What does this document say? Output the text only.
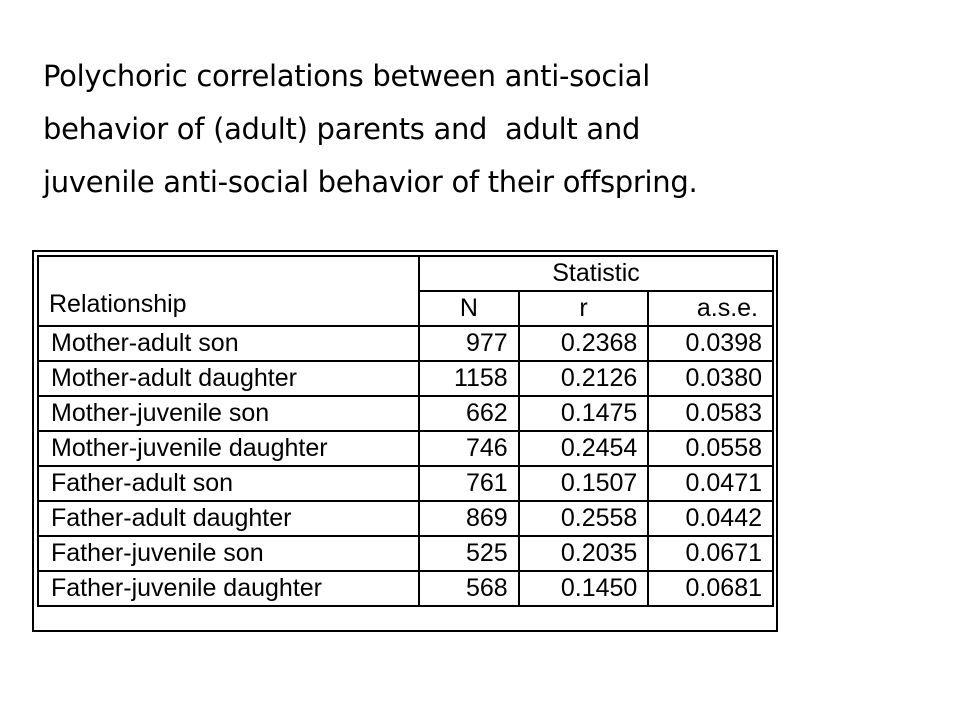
Polychoric correlations between anti-social
behavior of (adult) parents and  adult and
juvenile anti-social behavior of their offspring.
Relationship	Statistic		
	N	r	a.s.e.
Mother-adult son	977	0.2368	0.0398
Mother-adult daughter	1158	0.2126	0.0380
Mother-juvenile son	662	0.1475	0.0583
Mother-juvenile daughter	746	0.2454	0.0558
Father-adult son	761	0.1507	0.0471
Father-adult daughter	869	0.2558	0.0442
Father-juvenile son	525	0.2035	0.0671
Father-juvenile daughter	568	0.1450	0.0681
